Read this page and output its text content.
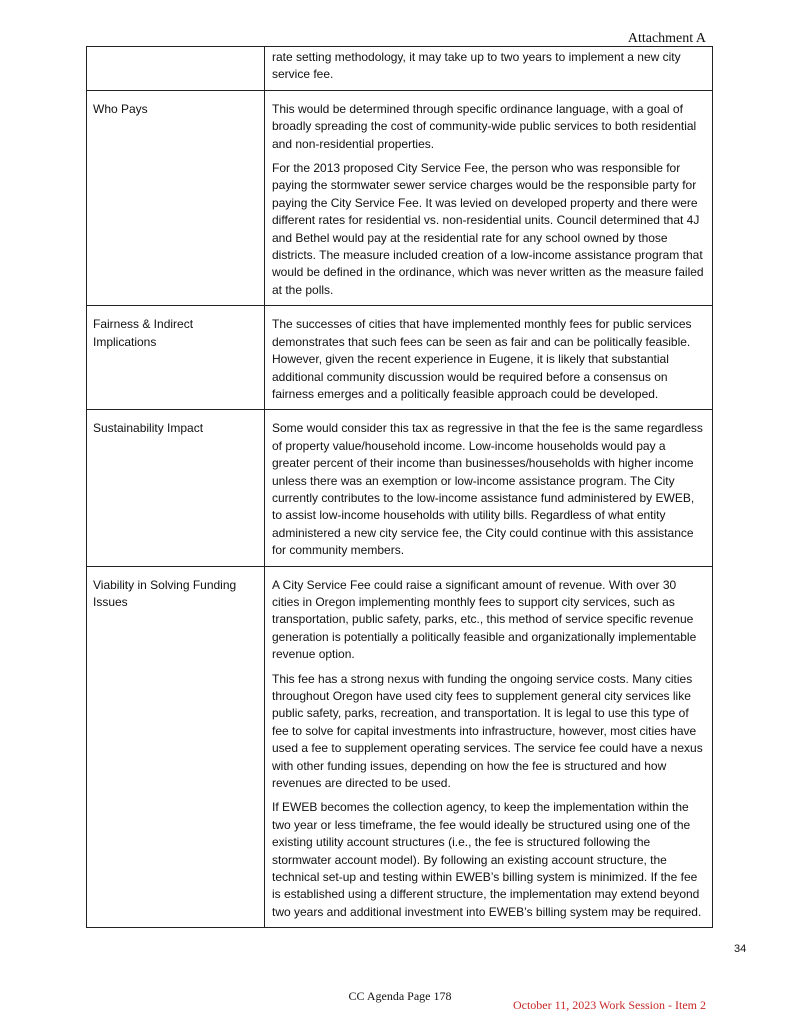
Attachment A

	rate setting methodology, it may take up to two years to implement a new city service fee.

Who Pays	This would be determined through specific ordinance language, with a goal of broadly spreading the cost of community-wide public services to both residential and non-residential properties.

For the 2013 proposed City Service Fee, the person who was responsible for paying the stormwater sewer service charges would be the responsible party for paying the City Service Fee. It was levied on developed property and there were different rates for residential vs. non-residential units. Council determined that 4J and Bethel would pay at the residential rate for any school owned by those districts. The measure included creation of a low-income assistance program that would be defined in the ordinance, which was never written as the measure failed at the polls.

Fairness & Indirect Implications	The successes of cities that have implemented monthly fees for public services demonstrates that such fees can be seen as fair and can be politically feasible. However, given the recent experience in Eugene, it is likely that substantial additional community discussion would be required before a consensus on fairness emerges and a politically feasible approach could be developed.

Sustainability Impact	Some would consider this tax as regressive in that the fee is the same regardless of property value/household income. Low-income households would pay a greater percent of their income than businesses/households with higher income unless there was an exemption or low-income assistance program. The City currently contributes to the low-income assistance fund administered by EWEB, to assist low-income households with utility bills. Regardless of what entity administered a new city service fee, the City could continue with this assistance for community members.

Viability in Solving Funding Issues	A City Service Fee could raise a significant amount of revenue. With over 30 cities in Oregon implementing monthly fees to support city services, such as transportation, public safety, parks, etc., this method of service specific revenue generation is potentially a politically feasible and organizationally implementable revenue option.

This fee has a strong nexus with funding the ongoing service costs. Many cities throughout Oregon have used city fees to supplement general city services like public safety, parks, recreation, and transportation. It is legal to use this type of fee to solve for capital investments into infrastructure, however, most cities have used a fee to supplement operating services. The service fee could have a nexus with other funding issues, depending on how the fee is structured and how revenues are directed to be used.

If EWEB becomes the collection agency, to keep the implementation within the two year or less timeframe, the fee would ideally be structured using one of the existing utility account structures (i.e., the fee is structured following the stormwater account model). By following an existing account structure, the technical set-up and testing within EWEB’s billing system is minimized. If the fee is established using a different structure, the implementation may extend beyond two years and additional investment into EWEB’s billing system may be required.

34
CC Agenda Page 178
October 11, 2023 Work Session - Item 2
